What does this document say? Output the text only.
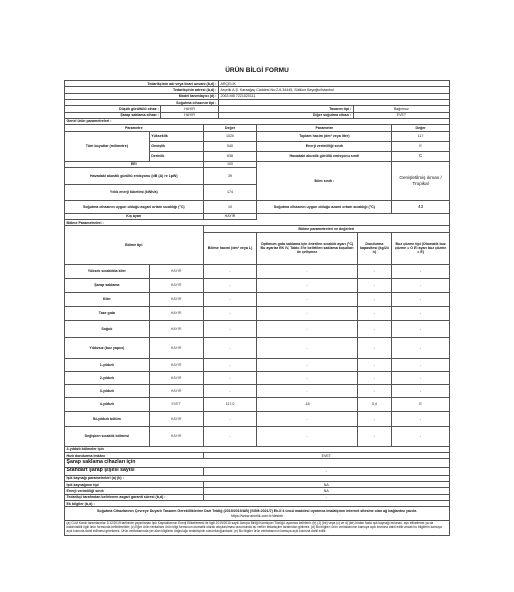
ÜRÜN BİLGİ FORMU
Tedarikçinin adı veya ticari unvanı (b,d) :	ARÇELİK
Tedarikçinin adresi (b,d) :	Arçelik A.Ş. Karaağaç Caddesi No:2-6,34445, Sütlüce Beyoğlu/İstanbul
Model tanımlayıcı (d) :	2063 MB 7221520111
Soğutma cihazının tipi :	
Düşük gürültülü cihaz :	HAYIR	Tasarım tipi :	Bağımsız
Şarap saklama cihazı :	HAYIR	Diğer soğutma cihazı :	EVET
Genel ürün parametreleri :				
Parametre		Değer	Parametre	Değer
Tüm boyutlar (milimetre)	Yükseklik	1020	Toplam hacim (dm³ veya litre)	117
	Genişlik	540	Enerji verimliliği sınıfı	E
	Derinlik	638	Havadaki akustik gürültü emisyonu sınıfı	C
EEI		100	İklim sınıfı :	Genişletilmiş ılıman / Tropikal
Havadaki akustik gürültü emisyonu (dB (A) re 1pW)		39		
Yıllık enerji tüketimi (kWh/a)		174		
Soğutma cihazının uygun olduğu asgari ortam sıcaklığı (°C)		10	Soğutma cihazının uygun olduğu azami ortam sıcaklığı (°C)	43
Kış ayarı		HAYIR		
Bölme Parametreleri :					
Bölme tipi		Bölme parametreleri ve değerleri			
		Bölme hacmi (dm³ veya L)	Optimum gıda saklama için önerilen sıcaklık ayarı (°C) Bu ayarlar EK IV, Tablo 3'te belirtilen saklama koşulları ile çelişmez	Dondurma kapasitesi (kg/24 h)	Buz çözme tipi (Otomatik buz çözme = O El ayarı buz çözme = E)
Yüksek sıcaklıkta kiler	HAYIR	-	-	-	-
Şarap saklama	HAYIR	-	-	-	-
Kiler	HAYIR	-	-	-	-
Taze gıda	HAYIR	-	-	-	-
Soğuk	HAYIR	-	-	-	-
Yıldızsız (buz yapıcı)	HAYIR	-	-	-	-
1-yıldızlı	HAYIR	-	-	-	-
2-yıldızlı	HAYIR	-	-	-	-
3-yıldızlı	HAYIR	-	-	-	-
4-yıldızlı	EVET	117,0	-18	3,4	E
İki-yıldızlı bölüm	HAYIR	-	-	-	-
Değişken sıcaklık bölmesi	HAYIR	-	-	-	-
4-yıldızlı bölmeler için	
Hızlı dondurma imkânı	EVET
Şarap saklama cihazları için	
Standart şarap şişesi sayısı	-
Işık kaynağı parametreleri (a) (b) :	
Işık kaynağının tipi	NA
Enerji verimliliği sınıfı	NA
Tedarikçi tarafından belirlenen asgari garanti süresi (b,d) :	-
Ek bilgiler (b,d) :	

Soğutma Cihazlarının Çevreye Duyarlı Tasarım Gerekliliklerine Dair Tebliğ (2019/2019/AB) (SGM:2021/7) Ek-II 4 üncü maddesi uyarınca imalatçının internet sitesine olan ağ bağlantısı yazılır.
https://www.arcelik.com.tr/destek	
(a) CLM Kanılı tanımlarınlar 1/12/2019 tarihinde yayımlanan Işık Kaynaklarının Enerji Etiketlemesi ile İlgili 2019/2015 sayılı Avrupa Birliği Komisyon Tüzüğü uyarınca belirlenir. (b) (1) (bir) veya (c) ve d) (bir) birden fazla ışık kaynağı bulunan, ayrı etiketleme ya da kaldırılabilir ilgili ürün formunda belirtilmelidir; (c) Eğer ürün veritabanı ürün bilgi formunun otomatik olarak oluşturulması durumunda bu veriler tedarikçiler tarafından girilmez. (d) Bu bilgiler; ürün veritabanının kamuya açık kısmına dahil edilir ancak bu bilgilerin kamuya açık kısmına dahil edilmesi gerekmez. Ürün veritabanında yer alan bilgilerin doğruluğu tedarikçinin sorumluluğundadır. (e) Bu bilgiler ürün veritabanının kamuya açık kısmına dahil edilir.
